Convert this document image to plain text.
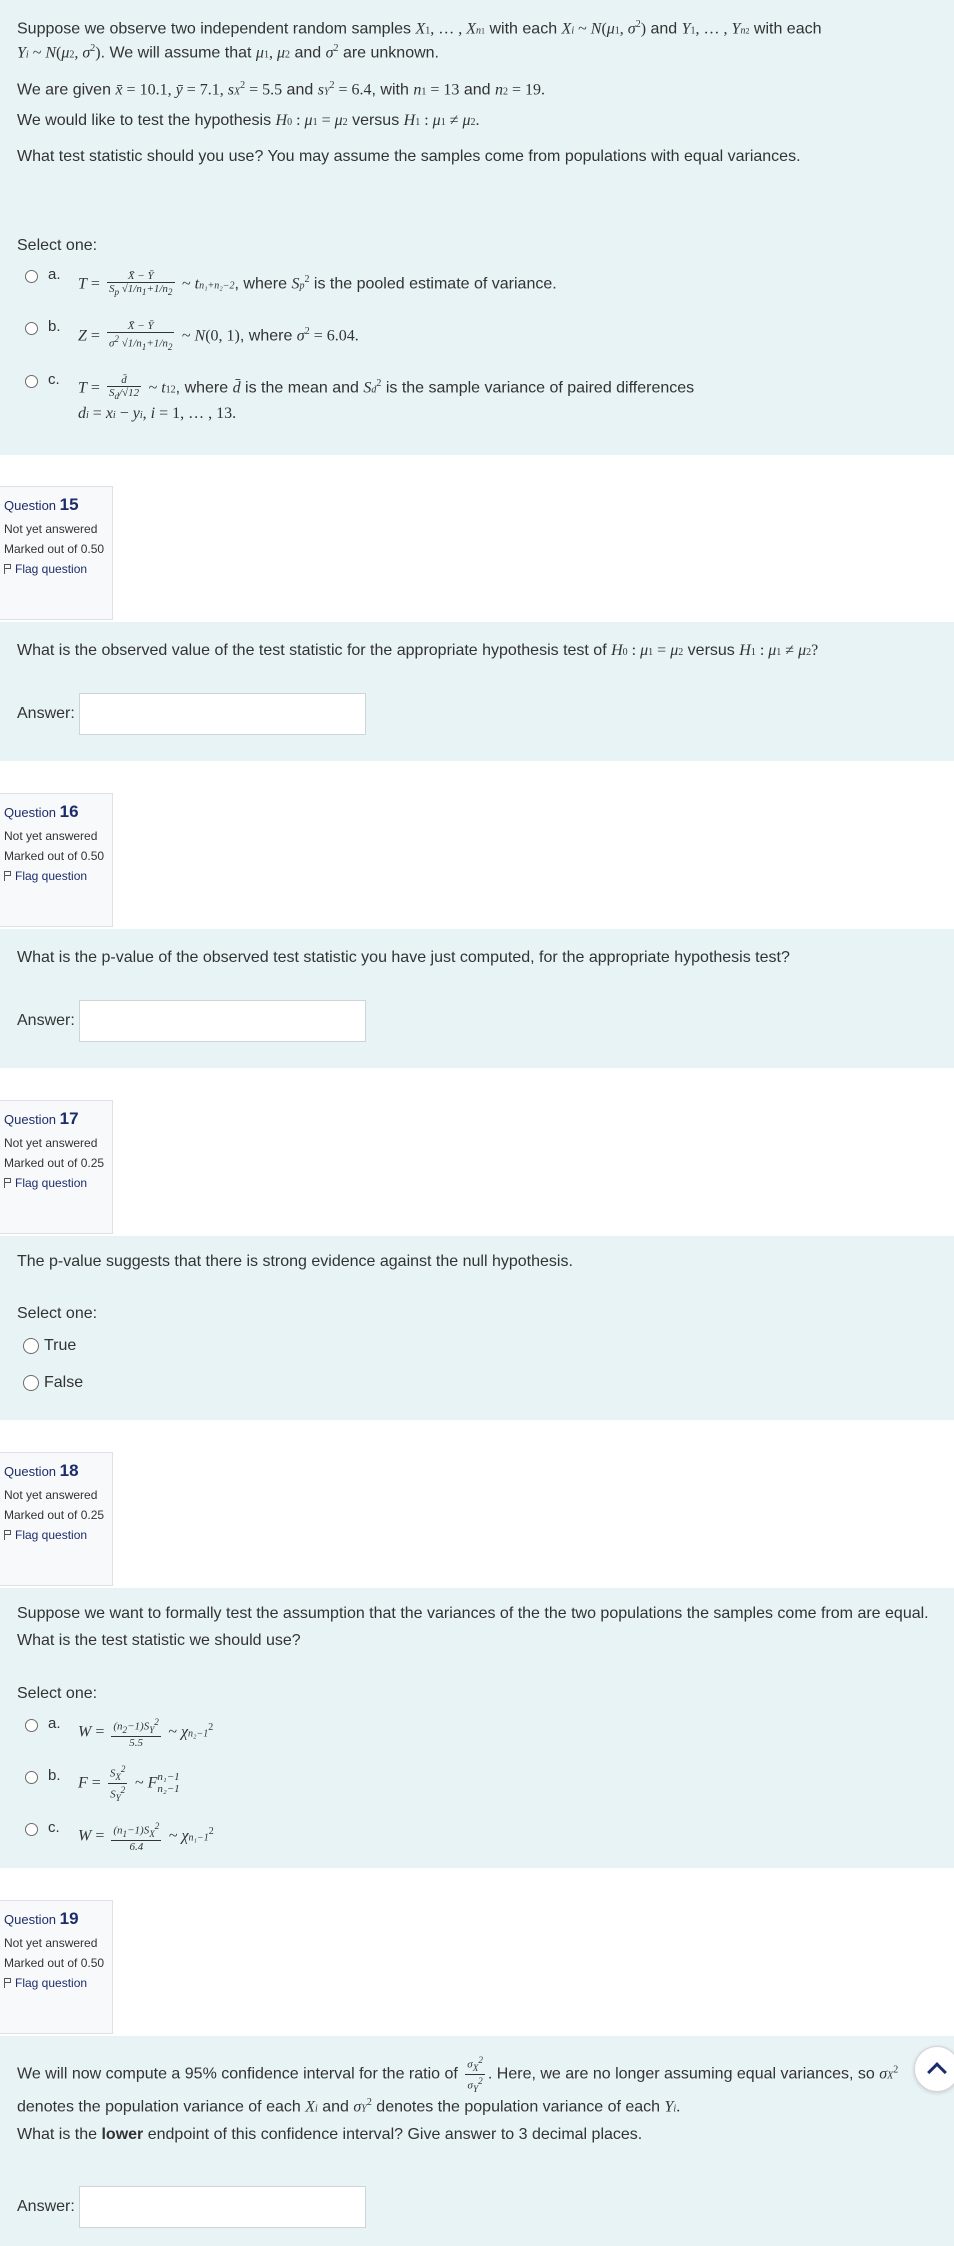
Suppose we observe two independent random samples X1, … , Xn1 with each Xi ~ N(μ1, $\sigma^2$) and Y1, … , Yn2 with each
Yi ~ N(μ2, $\sigma^2$). We will assume that μ1, μ2 and $\sigma^2$ are unknown.
We are given x̄ = 10.1, ȳ = 7.1, $sX^2 = 5.5$ and $sY^2 = 6.4$, with n1 = 13 and n2 = 19.
We would like to test the hypothesis H0 : μ1 = μ2 versus H1 : μ1 ≠ μ2.
What test statistic should you use? You may assume the samples come from populations with equal variances.
Select one:
a.
$T = \frac{X̄ - Ȳ}{S_p √1/n_1+1/n_2}$ ~ tn₁+n₂−2, where Sp$^2$ is the pooled estimate of variance.
b.
$Z = \frac{X̄ - Ȳ}{\sigma^2 √1/n_1+1/n_2}$ ~ N(0, 1), where $\sigma^2 = 6.04$.
c. $T = \frac{d̄}{S_d/√12}$ ~ t12, where d̄ is the mean and Sd$^2$ is the sample variance of paired differences
di = xi − yi, i = 1, … , 13.
Question 15
Not yet answered
Marked out of 0.50
Flag question
What is the observed value of the test statistic for the appropriate hypothesis test of H0 : μ1 = μ2 versus H1 : μ1 ≠ μ2?
Answer:
Question 16
Not yet answered
Marked out of 0.50
Flag question
What is the p-value of the observed test statistic you have just computed, for the appropriate hypothesis test?
Answer:
Question 17
Not yet answered
Marked out of 0.25
Flag question
The p-value suggests that there is strong evidence against the null hypothesis.
Select one:
True
False
Question 18
Not yet answered
Marked out of 0.25
Flag question
Suppose we want to formally test the assumption that the variances of the the two populations the samples come from are equal.
What is the test statistic we should use?
Select one:
a. $W = \frac{(n_2-1)S_Y^2}{5.5}$ ~ $\chi n_2-1^2$
b. $F = \frac{S_X^2}{S_Y^2}$ ~ F n₁−1
n₂−1
c. $W = \frac{(n_1-1)S_X^2}{6.4}$ ~ $\chi n_1-1^2$
Question 19
Not yet answered
Marked out of 0.50
Flag question
We will now compute a 95% confidence interval for the ratio of $\frac{\sigma_X^2}{\sigma_Y^2}$ . Here, we are no longer assuming equal variances, so $\sigma X^2$
denotes the population variance of each Xi and $\sigma Y^2$ denotes the population variance of each Yi.
What is the lower endpoint of this confidence interval? Give answer to 3 decimal places.
Answer:
